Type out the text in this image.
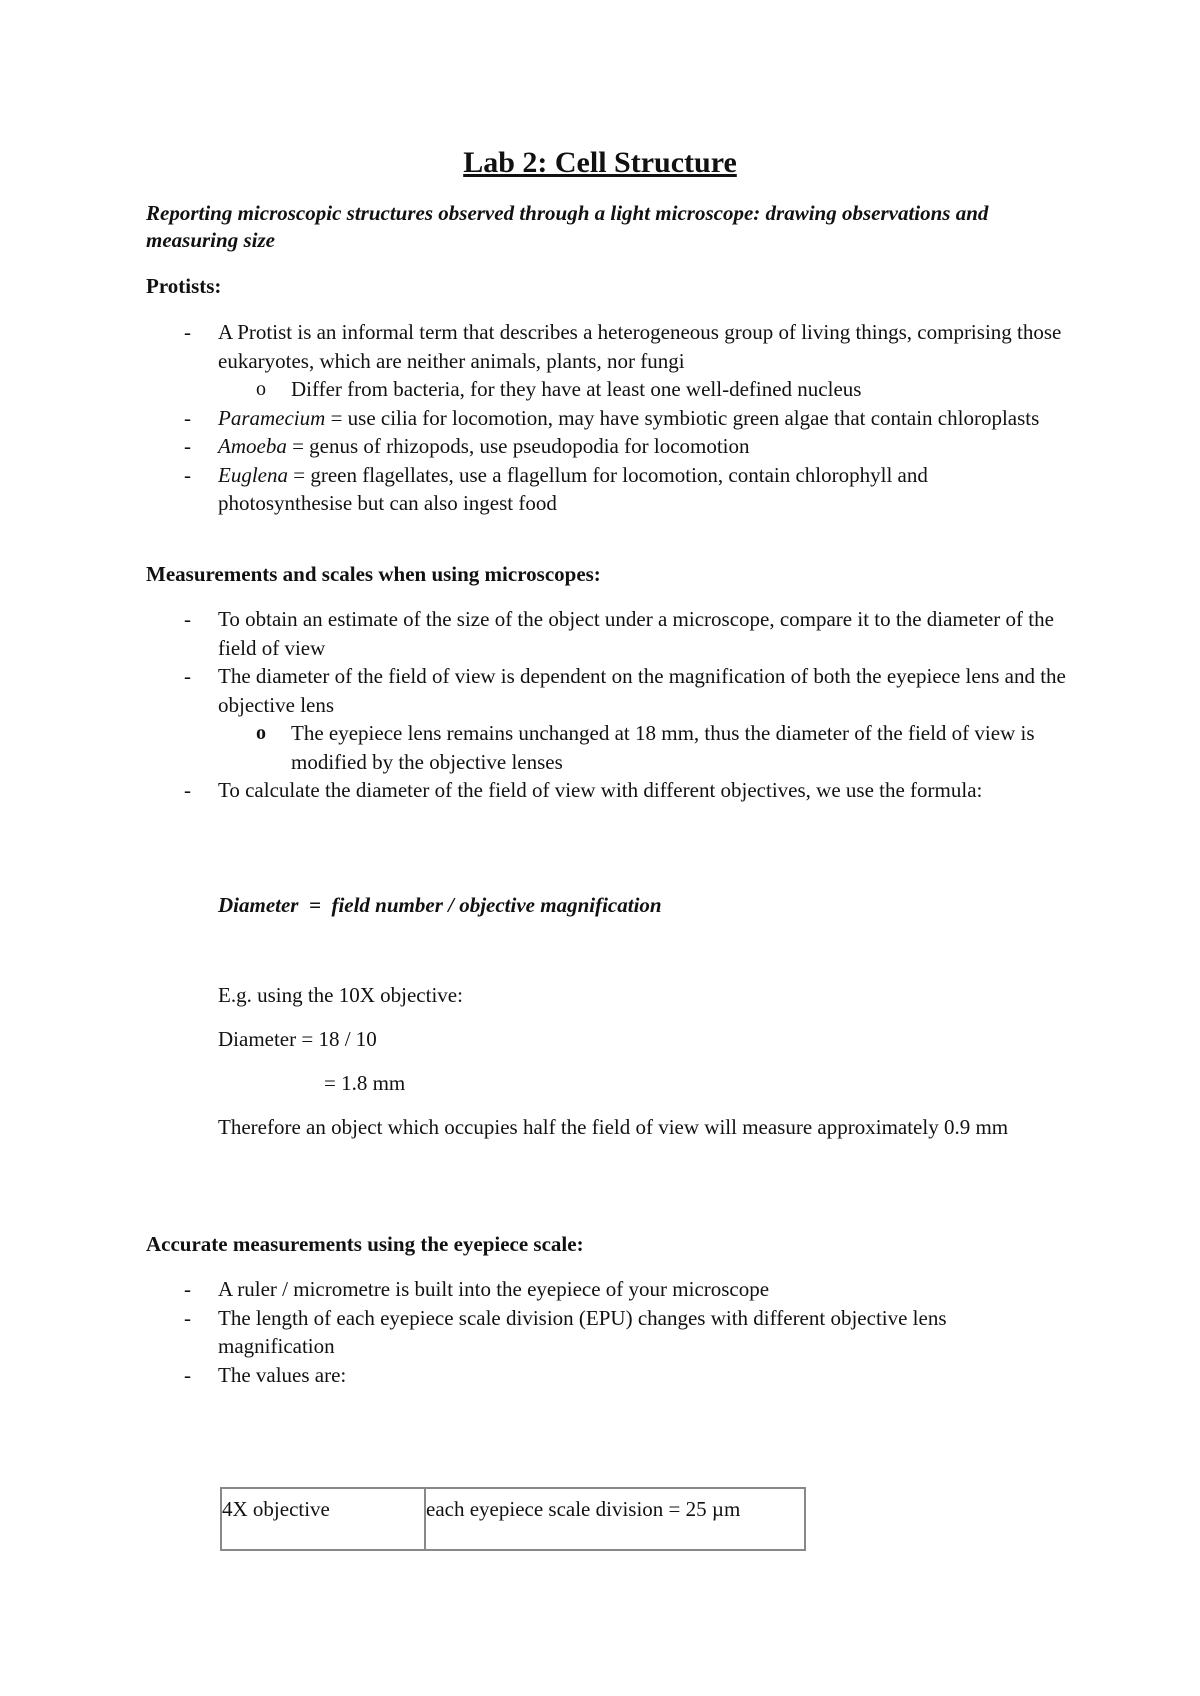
Lab 2: Cell Structure
Reporting microscopic structures observed through a light microscope: drawing observations and measuring size
Protists:
- A Protist is an informal term that describes a heterogeneous group of living things, comprising those eukaryotes, which are neither animals, plants, nor fungi
o Differ from bacteria, for they have at least one well-defined nucleus
- Paramecium = use cilia for locomotion, may have symbiotic green algae that contain chloroplasts
- Amoeba = genus of rhizopods, use pseudopodia for locomotion
- Euglena = green flagellates, use a flagellum for locomotion, contain chlorophyll and photosynthesise but can also ingest food
Measurements and scales when using microscopes:
- To obtain an estimate of the size of the object under a microscope, compare it to the diameter of the field of view
- The diameter of the field of view is dependent on the magnification of both the eyepiece lens and the objective lens
o The eyepiece lens remains unchanged at 18 mm, thus the diameter of the field of view is modified by the objective lenses
- To calculate the diameter of the field of view with different objectives, we use the formula:
Diameter  =  field number / objective magnification
E.g. using the 10X objective:
Diameter = 18 / 10
= 1.8 mm
Therefore an object which occupies half the field of view will measure approximately 0.9 mm
Accurate measurements using the eyepiece scale:
- A ruler / micrometre is built into the eyepiece of your microscope
- The length of each eyepiece scale division (EPU) changes with different objective lens magnification
- The values are:
4X objective	each eyepiece scale division = 25 µm
